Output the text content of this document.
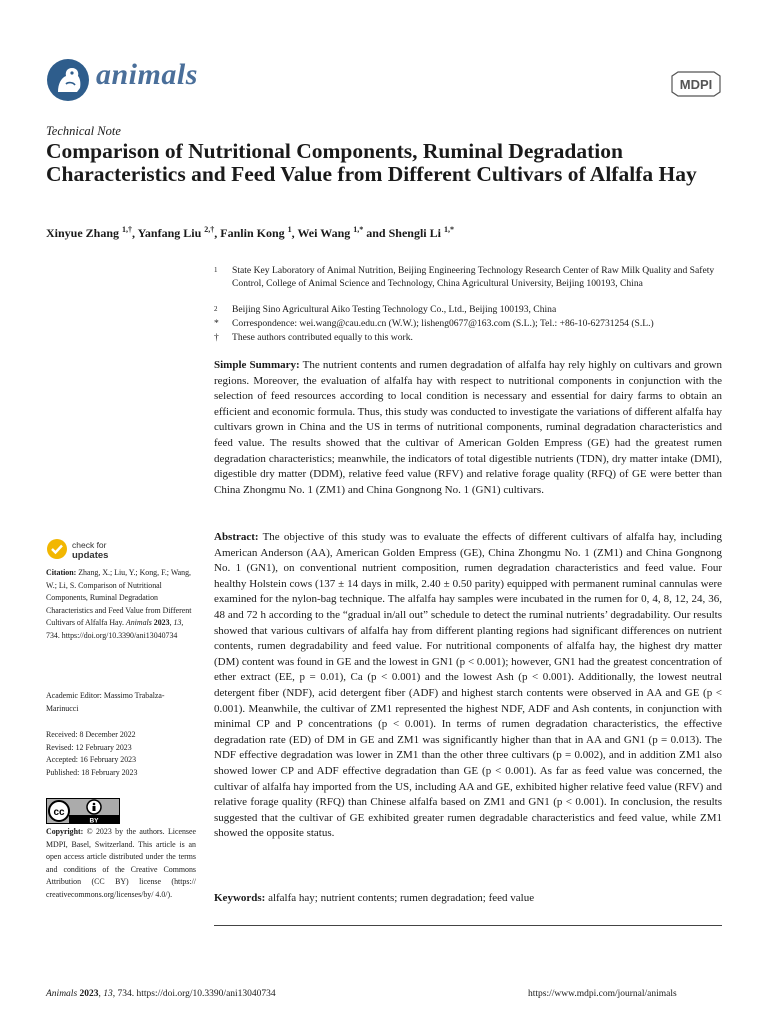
animals	MDPI
Technical Note
Comparison of Nutritional Components, Ruminal Degradation Characteristics and Feed Value from Different Cultivars of Alfalfa Hay
Xinyue Zhang $^{1,\dagger}$, Yanfang Liu $^{2,\dagger}$, Fanlin Kong $^1$, Wei Wang $^{1,*}$ and Shengli Li $^{1,*}$
$^1$ State Key Laboratory of Animal Nutrition, Beijing Engineering Technology Research Center of Raw Milk Quality and Safety Control, College of Animal Science and Technology, China Agricultural University, Beijing 100193, China
$^2$ Beijing Sino Agricultural Aiko Testing Technology Co., Ltd., Beijing 100193, China
* Correspondence: wei.wang@cau.edu.cn (W.W.); lisheng0677@163.com (S.L.); Tel.: +86-10-62731254 (S.L.)
† These authors contributed equally to this work.

Simple Summary: The nutrient contents and rumen degradation of alfalfa hay rely highly on cultivars and grown regions. Moreover, the evaluation of alfalfa hay with respect to nutritional components in conjunction with the selection of feed resources according to local condition is necessary and essential for dairy farms to obtain an efficient and economic formula. Thus, this study was conducted to investigate the variations of different alfalfa hay cultivars grown in China and the US in terms of nutritional components, ruminal degradation characteristics and feed value. The results showed that the cultivar of American Golden Empress (GE) had the greatest rumen degradation characteristics; meanwhile, the indicators of total digestible nutrients (TDN), dry matter intake (DMI), digestible dry matter (DDM), relative feed value (RFV) and relative forage quality (RFQ) of GE were better than China Zhongmu No. 1 (ZM1) and China Gongnong No. 1 (GN1) cultivars.

Abstract: The objective of this study was to evaluate the effects of different cultivars of alfalfa hay, including American Anderson (AA), American Golden Empress (GE), China Zhongmu No. 1 (ZM1) and China Gongnong No. 1 (GN1), on conventional nutrient composition, rumen degradation characteristics and feed value. Four healthy Holstein cows (137 ± 14 days in milk, 2.40 ± 0.50 parity) equipped with permanent ruminal cannulas were examined for the nylon-bag technique. The alfalfa hay samples were incubated in the rumen for 0, 4, 8, 12, 24, 36, 48 and 72 h according to the “gradual in/all out” schedule to detect the ruminal nutrients’ degradability. Our results showed that various cultivars of alfalfa hay from different planting regions had significant differences on nutrient contents, rumen degradability and feed value. For nutritional components of alfalfa hay, the highest dry matter (DM) content was found in GE and the lowest in GN1 (p < 0.001); however, GN1 had the greatest concentration of ether extract (EE, p = 0.01), Ca (p < 0.001) and the lowest Ash (p < 0.001). Additionally, the lowest neutral detergent fiber (NDF), acid detergent fiber (ADF) and highest starch contents were observed in AA and GE (p < 0.001). Meanwhile, the cultivar of ZM1 represented the highest NDF, ADF and Ash contents, in conjunction with minimal CP and P concentrations (p < 0.001). In terms of rumen degradation characteristics, the effective degradation rate (ED) of DM in GE and ZM1 was significantly higher than that in AA and GN1 (p = 0.013). The NDF effective degradation was lower in ZM1 than the other three cultivars (p = 0.002), and in addition ZM1 also showed lower CP and ADF effective degradation than GE (p < 0.001). As far as feed value was concerned, the cultivar of alfalfa hay imported from the US, including AA and GE, exhibited higher relative feed value (RFV) and relative forage quality (RFQ) than Chinese alfalfa based on ZM1 and GN1 (p < 0.001). In conclusion, the results suggested that the cultivar of GE exhibited greater rumen degradable characteristics and feed value, while ZM1 showed the opposite status.

Keywords: alfalfa hay; nutrient contents; rumen degradation; feed value

check for
updates
Citation: Zhang, X.; Liu, Y.; Kong, F.; Wang, W.; Li, S. Comparison of Nutritional Components, Ruminal Degradation Characteristics and Feed Value from Different Cultivars of Alfalfa Hay. Animals 2023, 13, 734. https://doi.org/10.3390/ani13040734
Academic Editor: Massimo Trabalza-Marinucci
Received: 8 December 2022
Revised: 12 February 2023
Accepted: 16 February 2023
Published: 18 February 2023
cc
BY
Copyright: © 2023 by the authors. Licensee MDPI, Basel, Switzerland. This article is an open access article distributed under the terms and conditions of the Creative Commons Attribution (CC BY) license (https:// creativecommons.org/licenses/by/ 4.0/).
Animals 2023, 13, 734. https://doi.org/10.3390/ani13040734	https://www.mdpi.com/journal/animals
